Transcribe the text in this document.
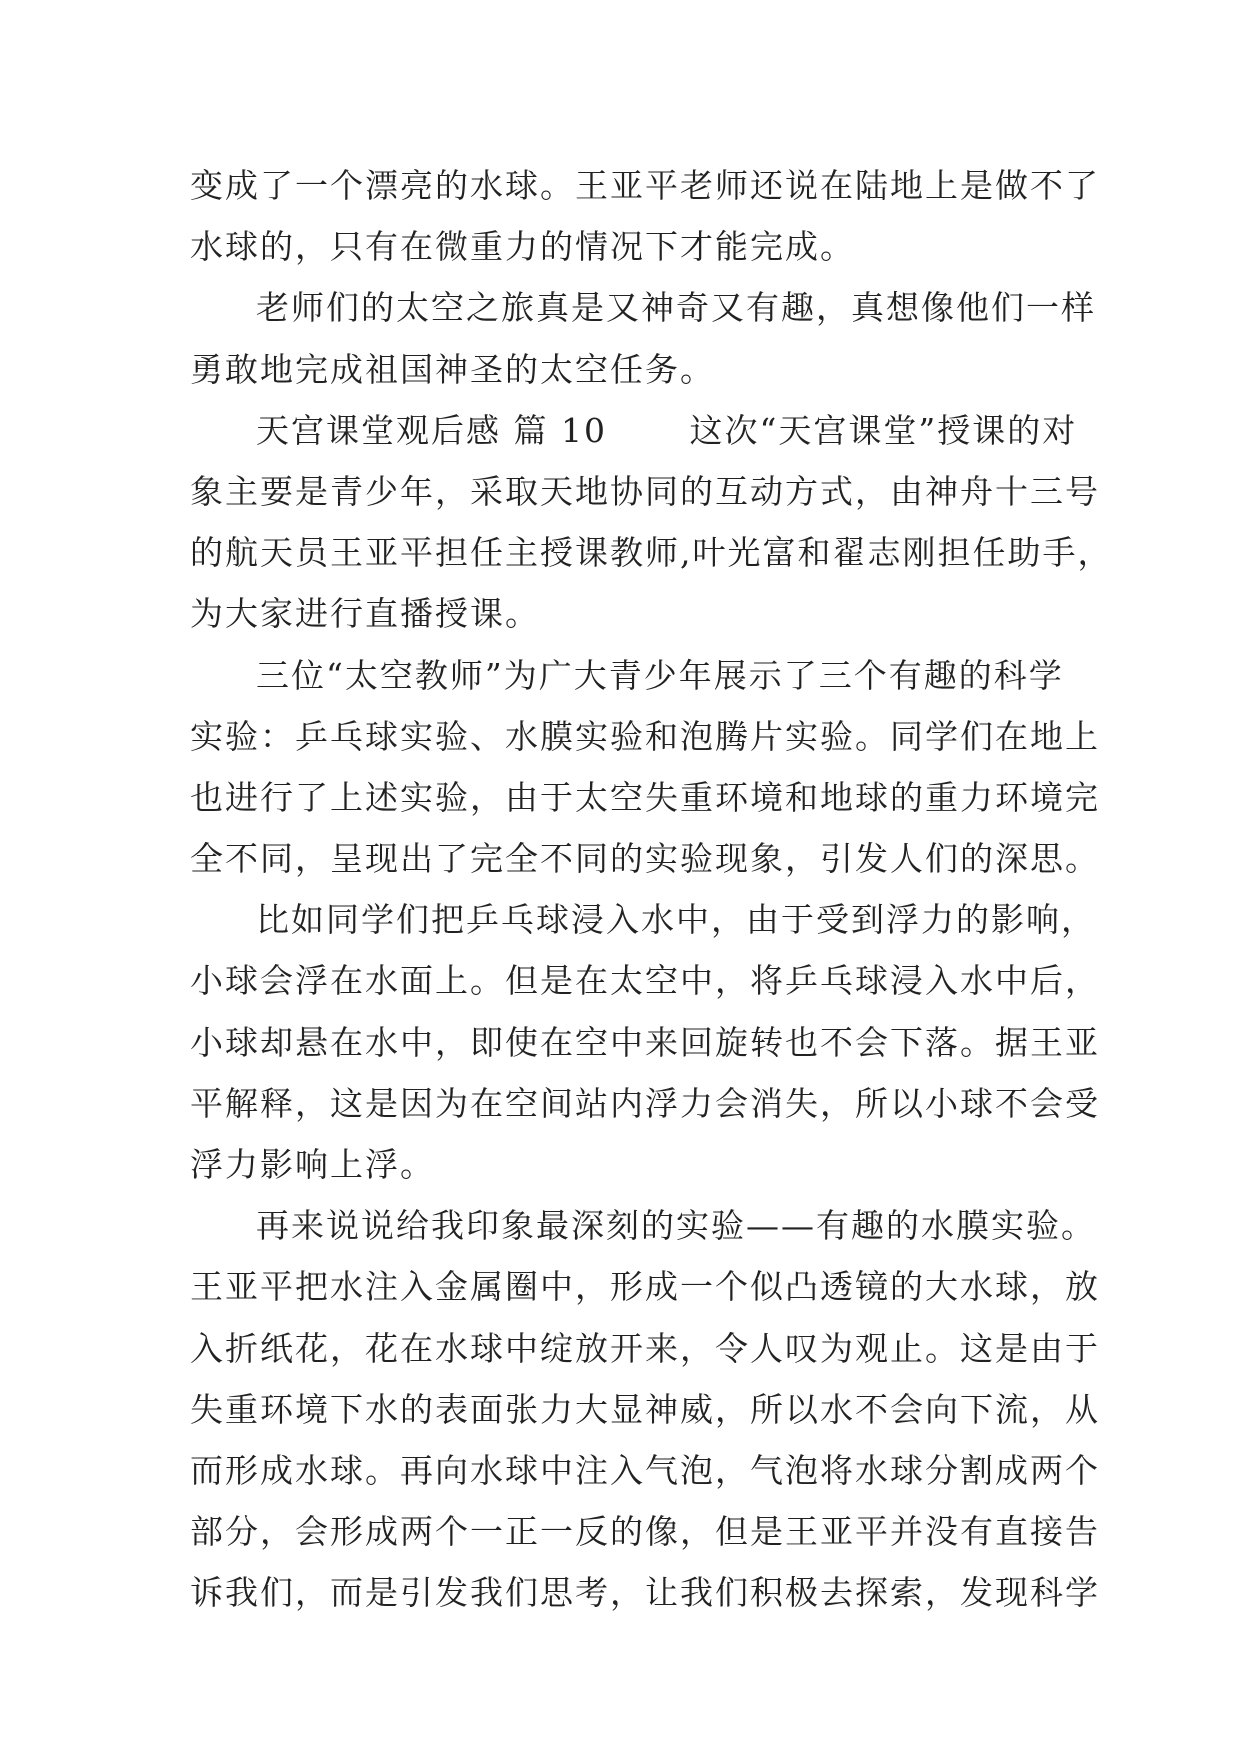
变成了一个漂亮的水球。王亚平老师还说在陆地上是做不了
水球的，只有在微重力的情况下才能完成。
老师们的太空之旅真是又神奇又有趣，真想像他们一样
勇敢地完成祖国神圣的太空任务。
天宫课堂观后感 篇 10	这次“天宫课堂”授课的对
象主要是青少年，采取天地协同的互动方式，由神舟十三号
的航天员王亚平担任主授课教师,叶光富和翟志刚担任助手，
为大家进行直播授课。
三位“太空教师”为广大青少年展示了三个有趣的科学
实验：乒乓球实验、水膜实验和泡腾片实验。同学们在地上
也进行了上述实验，由于太空失重环境和地球的重力环境完
全不同，呈现出了完全不同的实验现象，引发人们的深思。
比如同学们把乒乓球浸入水中，由于受到浮力的影响，
小球会浮在水面上。但是在太空中，将乒乓球浸入水中后，
小球却悬在水中，即使在空中来回旋转也不会下落。据王亚
平解释，这是因为在空间站内浮力会消失，所以小球不会受
浮力影响上浮。
再来说说给我印象最深刻的实验——有趣的水膜实验。
王亚平把水注入金属圈中，形成一个似凸透镜的大水球，放
入折纸花，花在水球中绽放开来，令人叹为观止。这是由于
失重环境下水的表面张力大显神威，所以水不会向下流，从
而形成水球。再向水球中注入气泡，气泡将水球分割成两个
部分，会形成两个一正一反的像，但是王亚平并没有直接告
诉我们，而是引发我们思考，让我们积极去探索，发现科学
